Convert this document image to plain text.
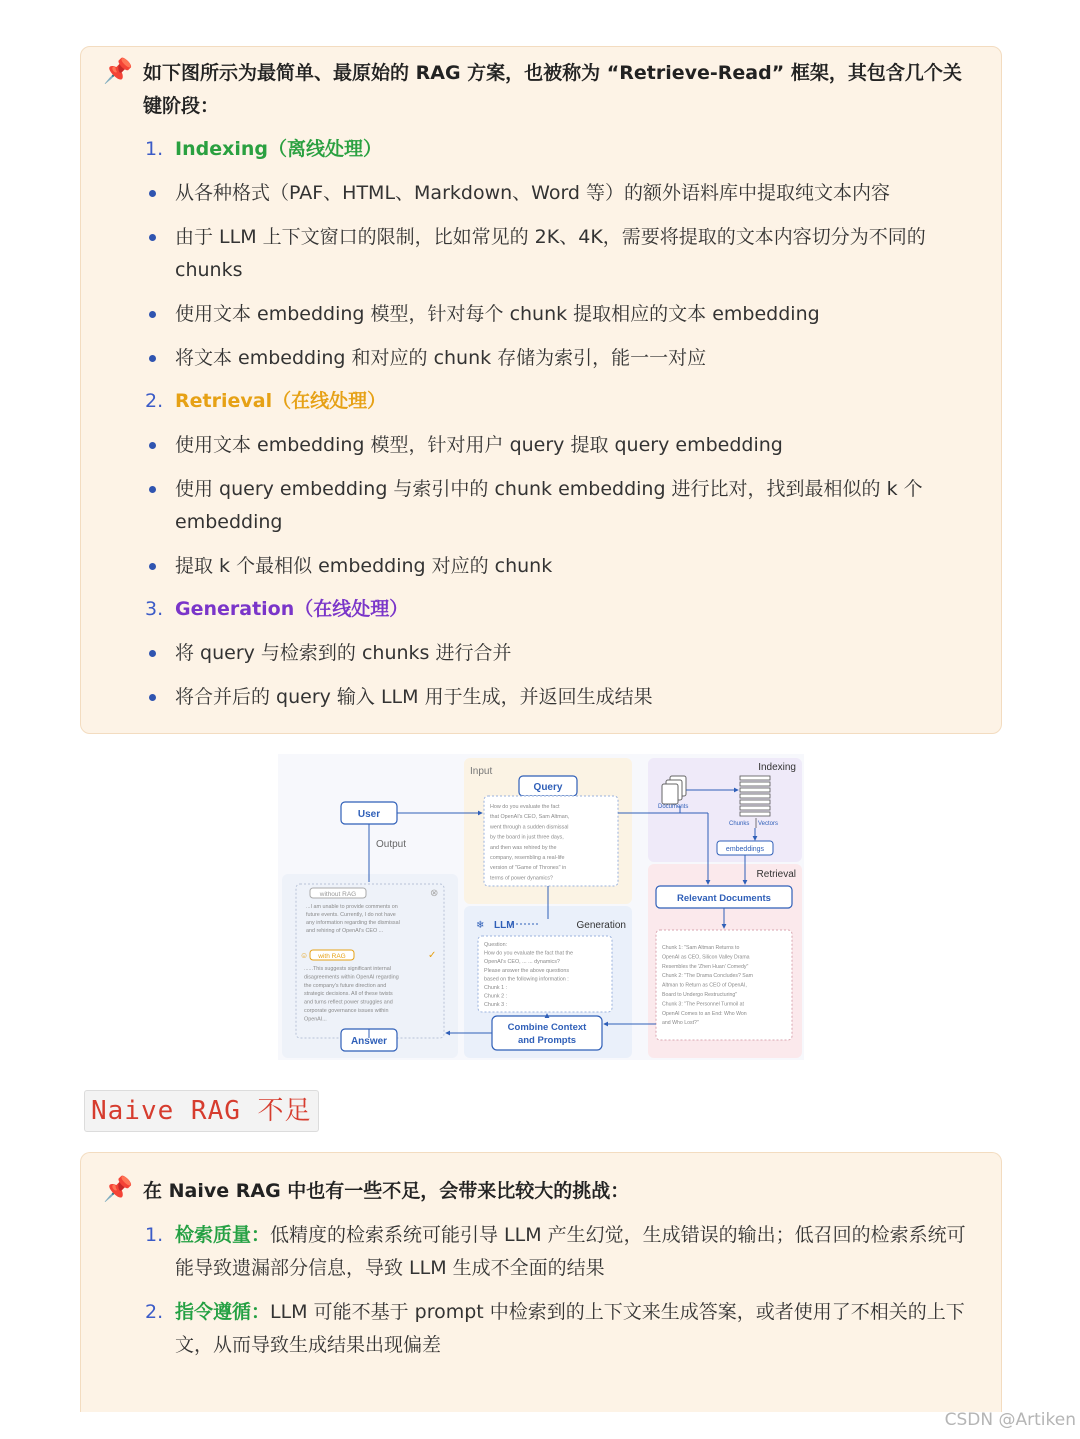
📌 如下图所示为最简单、最原始的 RAG 方案，也被称为 “Retrieve-Read” 框架，其包含几个关键阶段：
1. Indexing（离线处理）
从各种格式（PAF、HTML、Markdown、Word 等）的额外语料库中提取纯文本内容
由于 LLM 上下文窗口的限制，比如常见的 2K、4K，需要将提取的文本内容切分为不同的 chunks
使用文本 embedding 模型，针对每个 chunk 提取相应的文本 embedding
将文本 embedding 和对应的 chunk 存储为索引，能一一对应
2. Retrieval（在线处理）
使用文本 embedding 模型，针对用户 query 提取 query embedding
使用 query embedding 与索引中的 chunk embedding 进行比对，找到最相似的 k 个 embedding
提取 k 个最相似 embedding 对应的 chunk
3. Generation（在线处理）
将 query 与检索到的 chunks 进行合并
将合并后的 query 输入 LLM 用于生成，并返回生成结果
Input	Indexing
Retrieval
Generation
Output
Query
How do you evaluate the fact
that OpenAI's CEO, Sam Altman,
went through a sudden dismissal
by the board in just three days,
and then was rehired by the
company, resembling a real-life
version of "Game of Thrones" in
terms of power dynamics?
User
Documents
Chunks Vectors
embeddings
Relevant Documents
Chunk 1: "Sam Altman Returns to
OpenAI as CEO, Silicon Valley Drama
Resembles the 'Zhen Huan' Comedy"
Chunk 2: "The Drama Concludes? Sam
Altman to Return as CEO of OpenAI,
Board to Undergo Restructuring"
Chunk 3: "The Personnel Turmoil at
OpenAI Comes to an End: Who Won
and Who Lost?"
❄ LLM
Question:
How do you evaluate the fact that the
OpenAI's CEO, ... ... dynamics?
Please answer the above questions
based on the following information :
Chunk 1 :
Chunk 2 :
Chunk 3 :
Combine Context
and Prompts
without RAG	⊗
...I am unable to provide comments on
future events. Currently, I do not have
any information regarding the dismissal
and rehiring of OpenAI's CEO ...
with RAG	✓
☺
......This suggests significant internal
disagreements within OpenAI regarding
the company's future direction and
strategic decisions. All of these twists
and turns reflect power struggles and
corporate governance issues within
OpenAI...
Answer
Naive RAG 不足
📌 在 Naive RAG 中也有一些不足，会带来比较大的挑战：
1. 检索质量：低精度的检索系统可能引导 LLM 产生幻觉，生成错误的输出；低召回的检索系统可能导致遗漏部分信息，导致 LLM 生成不全面的结果
2. 指令遵循：LLM 可能不基于 prompt 中检索到的上下文来生成答案，或者使用了不相关的上下文，从而导致生成结果出现偏差
CSDN @Artiken
